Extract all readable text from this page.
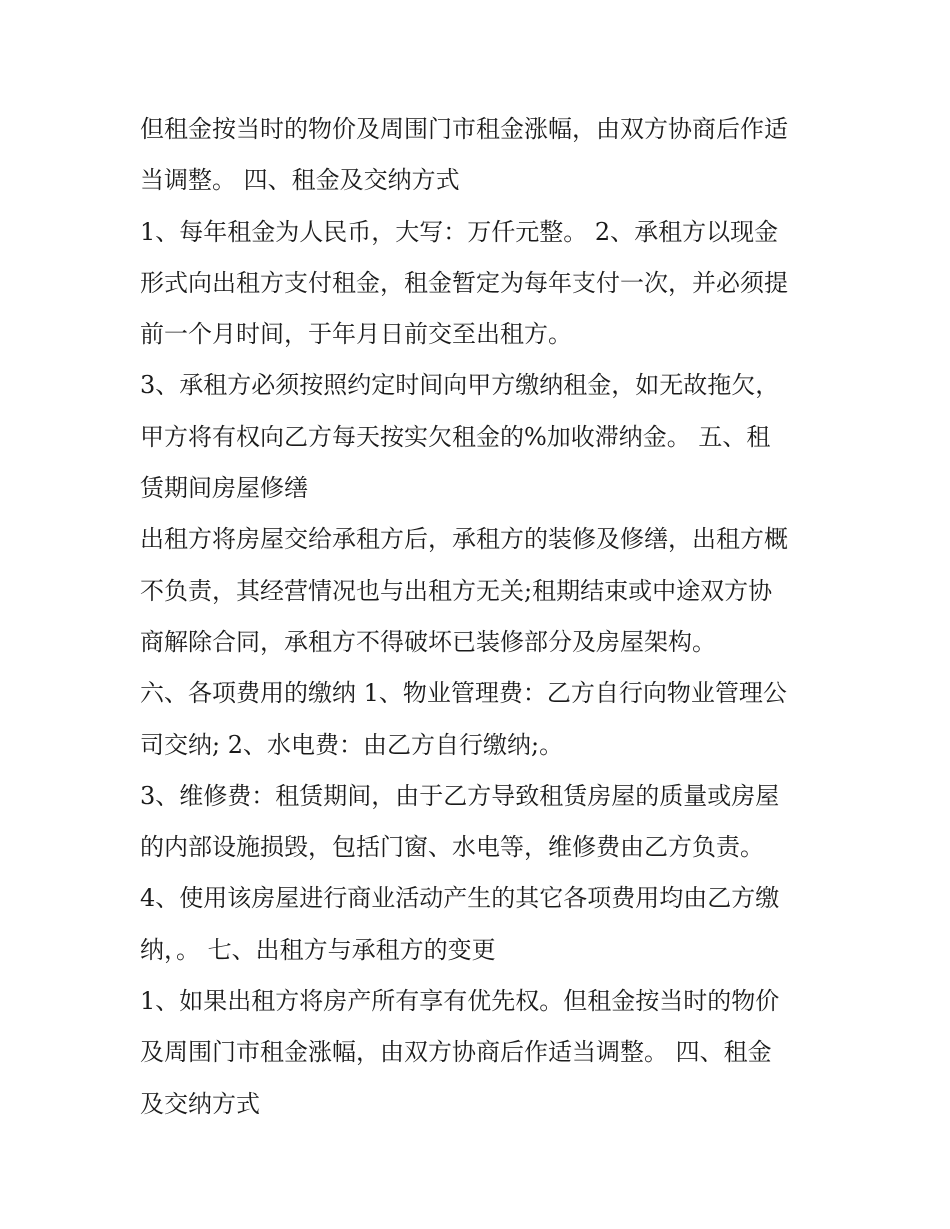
但租金按当时的物价及周围门市租金涨幅，由双方协商后作适
当调整。 四、租金及交纳方式
1、每年租金为人民币，大写：万仟元整。 2、承租方以现金
形式向出租方支付租金，租金暂定为每年支付一次，并必须提
前一个月时间，于年月日前交至出租方。
3、承租方必须按照约定时间向甲方缴纳租金，如无故拖欠，
甲方将有权向乙方每天按实欠租金的%加收滞纳金。 五、租
赁期间房屋修缮
出租方将房屋交给承租方后，承租方的装修及修缮，出租方概
不负责，其经营情况也与出租方无关;租期结束或中途双方协
商解除合同，承租方不得破坏已装修部分及房屋架构。
六、各项费用的缴纳 1、物业管理费：乙方自行向物业管理公
司交纳; 2、水电费：由乙方自行缴纳;。
3、维修费：租赁期间，由于乙方导致租赁房屋的质量或房屋
的内部设施损毁，包括门窗、水电等，维修费由乙方负责。
4、使用该房屋进行商业活动产生的其它各项费用均由乙方缴
纳，。 七、出租方与承租方的变更
1、如果出租方将房产所有享有优先权。但租金按当时的物价
及周围门市租金涨幅，由双方协商后作适当调整。 四、租金
及交纳方式
